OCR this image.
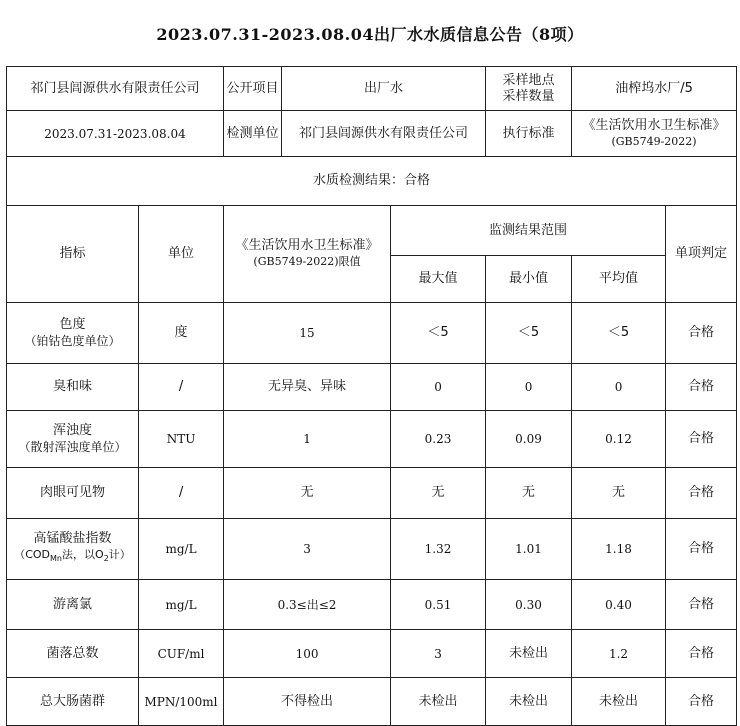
2023.07.31-2023.08.04出厂水水质信息公告（8项）
祁门县闾源供水有限责任公司		公开项目	出厂水		采样地点
采样数量	油榨坞水厂/5	
2023.07.31-2023.08.04		检测单位	祁门县闾源供水有限责任公司		执行标准	《生活饮用水卫生标准》
(GB5749-2022)	

水质检测结果：合格							
指标	单位	《生活饮用水卫生标准》
(GB5749-2022)限值		监测结果范围			单项判定
				最大值	最小值	平均值	

色度
（铂钴色度单位）	度	15		＜5	＜5	＜5	合格

臭和味	/	无异臭、异味		0	0	0	合格

浑浊度
（散射浑浊度单位）	NTU	1		0.23	0.09	0.12	合格

肉眼可见物	/	无		无	无	无	合格

高锰酸盐指数
（$COD_{Mn}$法，以$O_2$计）	mg/L	3		1.32	1.01	1.18	合格

游离氯	mg/L	0.3≤出≤2		0.51	0.30	0.40	合格

菌落总数	CUF/ml	100		3	未检出	1.2	合格

总大肠菌群	MPN/100ml	不得检出		未检出	未检出	未检出	合格
